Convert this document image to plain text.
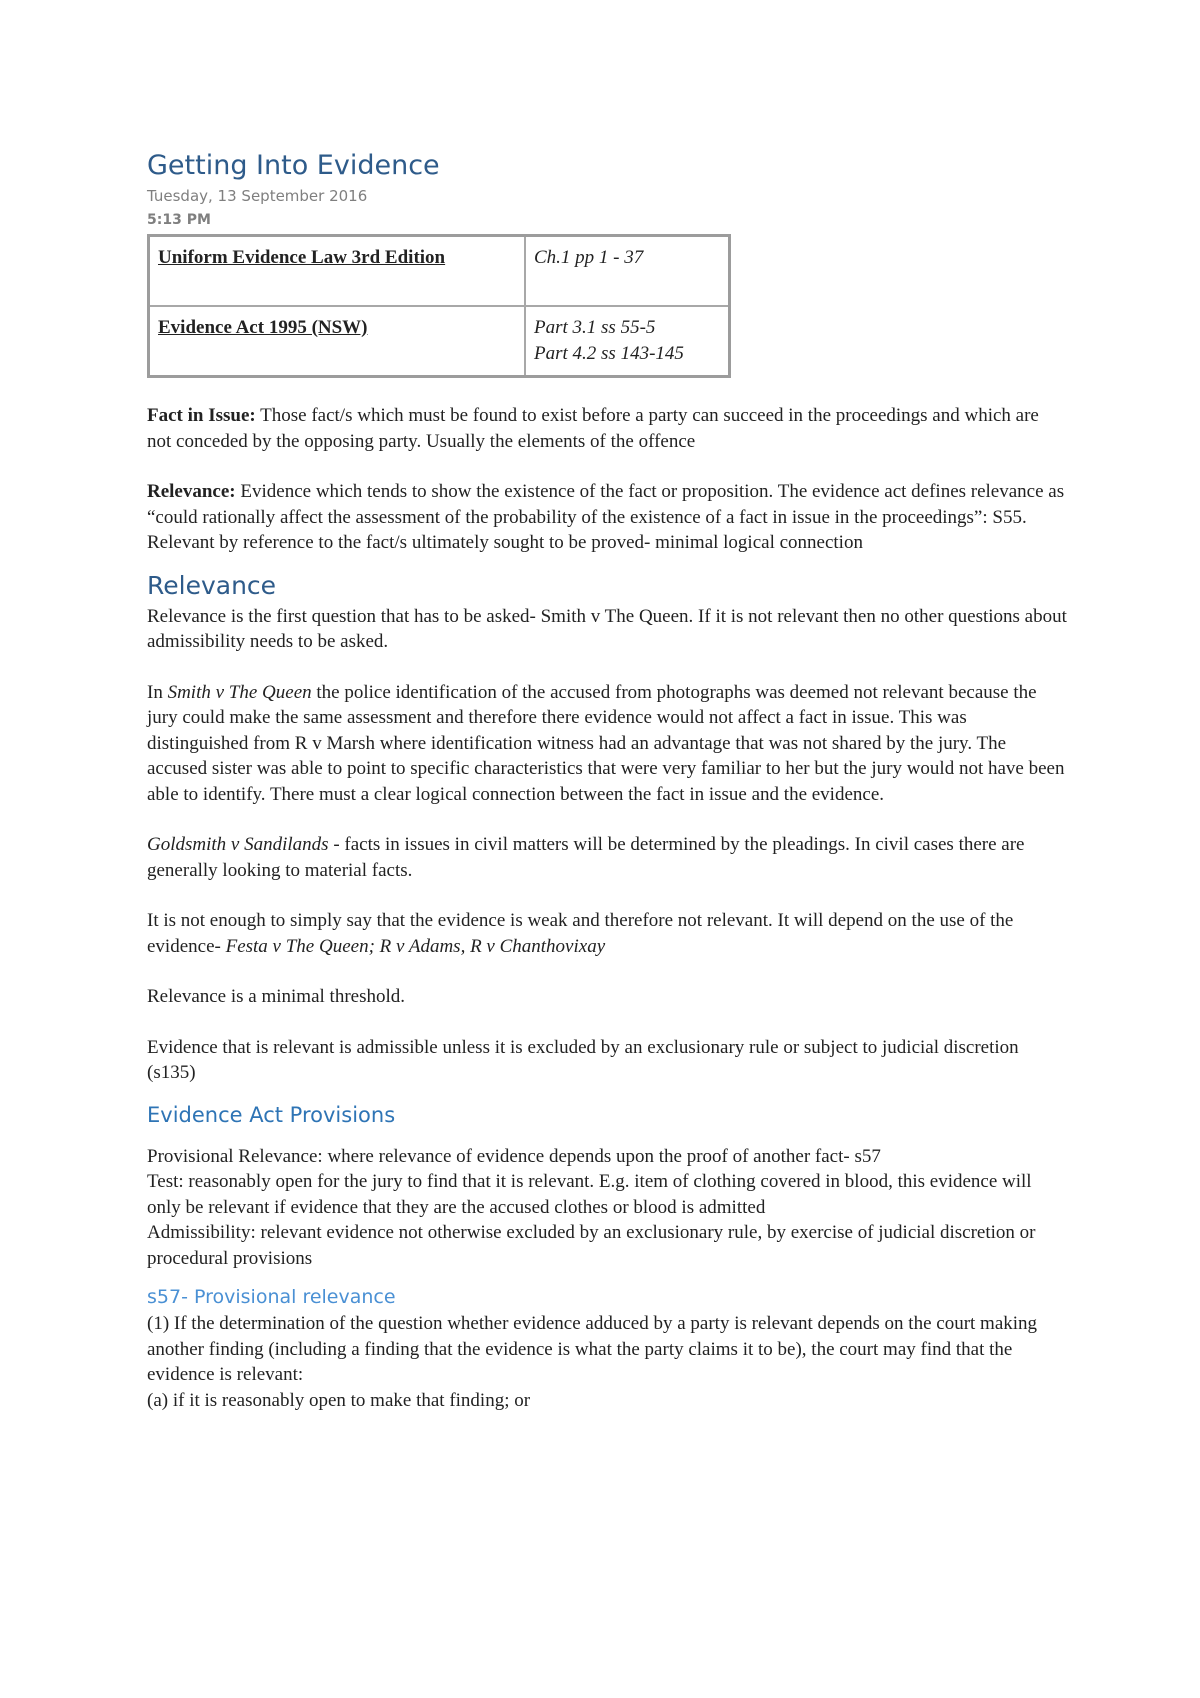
Getting Into Evidence
Tuesday, 13 September 2016
5:13 PM
Uniform Evidence Law 3rd Edition	Ch.1 pp 1 - 37

Evidence Act 1995 (NSW)	Part 3.1 ss 55-5
Part 4.2 ss 143-145

Fact in Issue: Those fact/s which must be found to exist before a party can succeed in the proceedings and which are not conceded by the opposing party. Usually the elements of the offence

Relevance: Evidence which tends to show the existence of the fact or proposition. The evidence act defines relevance as “could rationally affect the assessment of the probability of the existence of a fact in issue in the proceedings”: S55. Relevant by reference to the fact/s ultimately sought to be proved- minimal logical connection

Relevance

Relevance is the first question that has to be asked- Smith v The Queen. If it is not relevant then no other questions about admissibility needs to be asked.

In Smith v The Queen the police identification of the accused from photographs was deemed not relevant because the jury could make the same assessment and therefore there evidence would not affect a fact in issue. This was distinguished from R v Marsh where identification witness had an advantage that was not shared by the jury. The accused sister was able to point to specific characteristics that were very familiar to her but the jury would not have been able to identify. There must a clear logical connection between the fact in issue and the evidence.

Goldsmith v Sandilands - facts in issues in civil matters will be determined by the pleadings. In civil cases there are generally looking to material facts.

It is not enough to simply say that the evidence is weak and therefore not relevant. It will depend on the use of the evidence- Festa v The Queen; R v Adams, R v Chanthovixay

Relevance is a minimal threshold.

Evidence that is relevant is admissible unless it is excluded by an exclusionary rule or subject to judicial discretion (s135)

Evidence Act Provisions

Provisional Relevance: where relevance of evidence depends upon the proof of another fact- s57

Test: reasonably open for the jury to find that it is relevant. E.g. item of clothing covered in blood, this evidence will only be relevant if evidence that they are the accused clothes or blood is admitted

Admissibility: relevant evidence not otherwise excluded by an exclusionary rule, by exercise of judicial discretion or procedural provisions

s57- Provisional relevance

(1) If the determination of the question whether evidence adduced by a party is relevant depends on the court making another finding (including a finding that the evidence is what the party claims it to be), the court may find that the evidence is relevant:

(a) if it is reasonably open to make that finding; or
